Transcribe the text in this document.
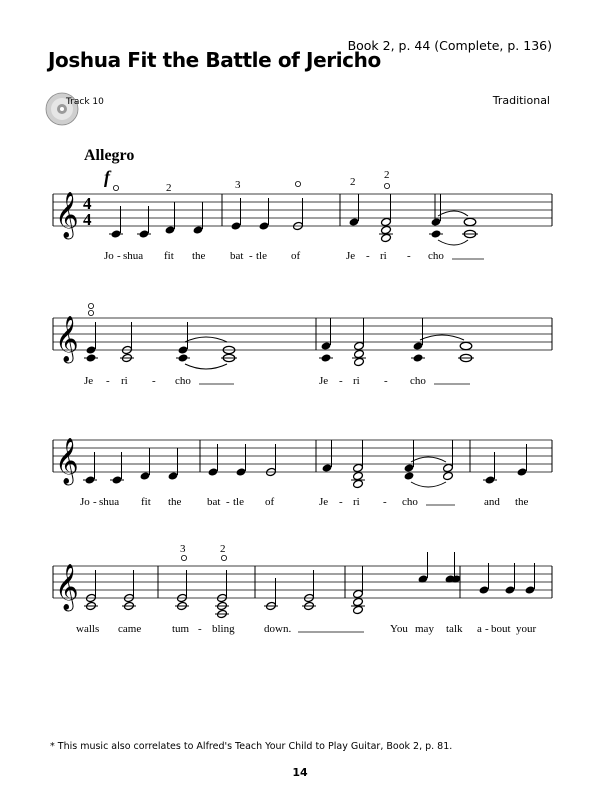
Joshua Fit the Battle of Jericho
Book 2, p. 44 (Complete, p. 136)
Track 10	Traditional
Allegro
𝄞 4
4
f
2	3	2
2
Jo - shua fit the bat - tle of	Je - ri - cho
𝄞
Je - ri - cho	Je - ri - cho
𝄞
Jo - shua fit the bat - tle of	Je - ri - cho	and the
𝄞
3	2
walls came	tum - bling	down.	You may talk a - bout your
* This music also correlates to Alfred's Teach Your Child to Play Guitar, Book 2, p. 81.
14
